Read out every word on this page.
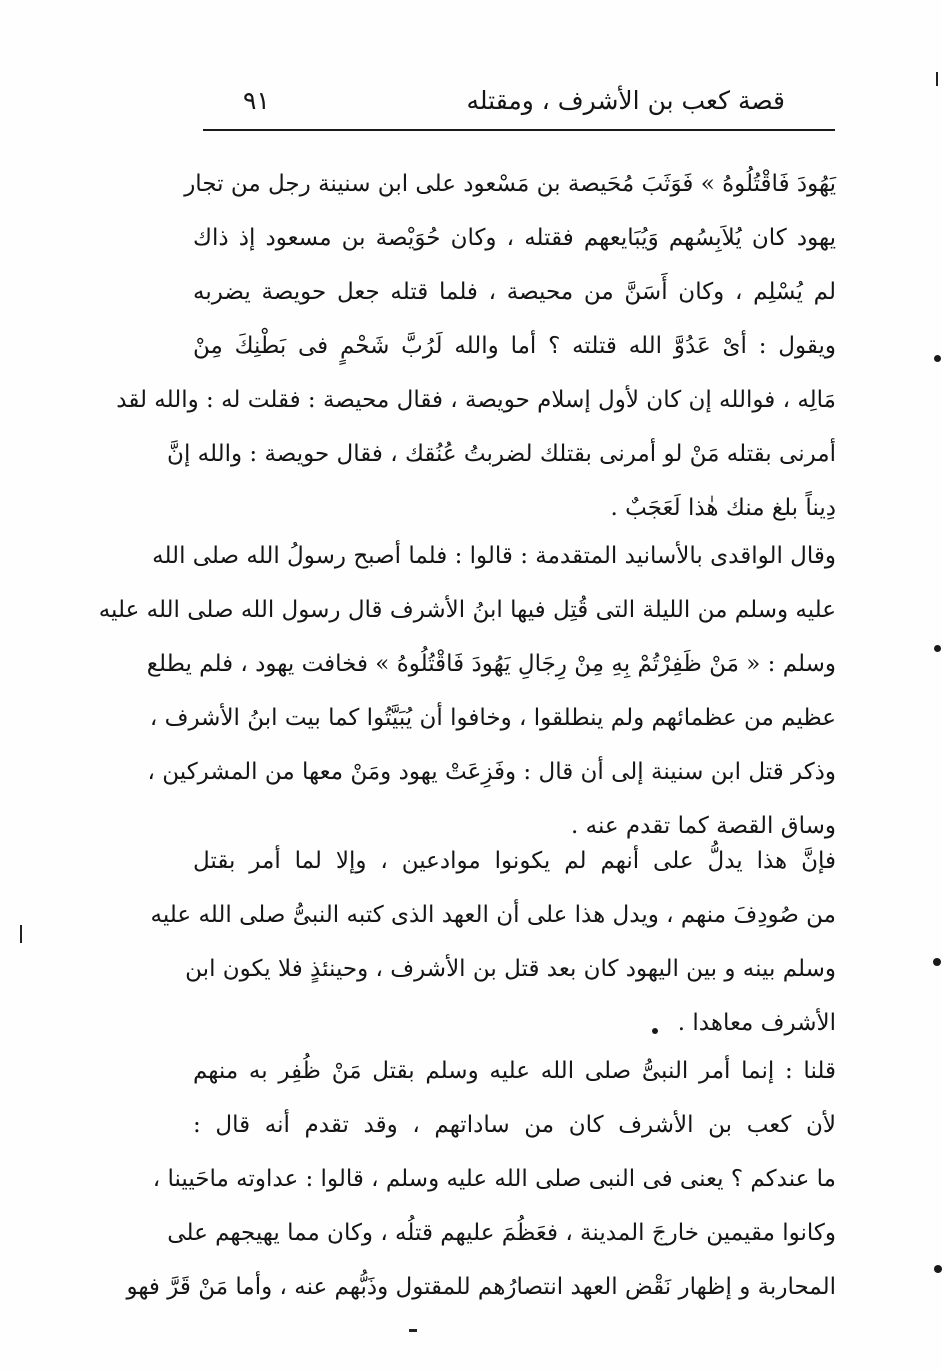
قصة كعب بن الأشرف ، ومقتله
٩١
يَهُودَ فَاقْتُلُوهُ » فَوَثَبَ مُحَيصة بن مَسْعود على ابن سنينة رجل من تجار
يهود كان يُلاَبِسُهم وَيُبَايعهم فقتله ، وكان حُوَيْصة بن مسعود إذ ذاك
لم يُسْلِم ، وكان أَسَنَّ من محيصة ، فلما قتله جعل حويصة يضربه
ويقول : أىْ عَدُوَّ الله قتلته ؟ أما والله لَرُبَّ شَحْمٍ فى بَطْنِكَ مِنْ
مَالِه ، فوالله إن كان لأول إسلام حويصة ، فقال محيصة : فقلت له : والله لقد
أمرنى بقتله مَنْ لو أمرنى بقتلك لضربتُ عُنُقك ، فقال حويصة : والله إنَّ
دِيناً بلغ منك هٰذا لَعَجَبٌ .
وقال الواقدى بالأسانيد المتقدمة : قالوا : فلما أصبح رسولُ الله صلى الله
عليه وسلم من الليلة التى قُتِل فيها ابنُ الأشرف قال رسول الله صلى الله عليه
وسلم : « مَنْ ظَفِرْتُمْ بِهِ مِنْ رِجَالِ يَهُودَ فَاقْتُلُوهُ » فخافت يهود ، فلم يطلع
عظيم من عظمائهم ولم ينطلقوا ، وخافوا أن يُبَيَّتُوا كما بيت ابنُ الأشرف ،
وذكر قتل ابن سنينة إلى أن قال : وفَزِعَتْ يهود ومَنْ معها من المشركين ،
وساق القصة كما تقدم عنه .
فإنَّ هذا يدلُّ على أنهم لم يكونوا موادعين ، وإلا لما أمر بقتل
من صُودِفَ منهم ، ويدل هذا على أن العهد الذى كتبه النبىُّ صلى الله عليه
وسلم بينه و بين اليهود كان بعد قتل بن الأشرف ، وحينئذٍ فلا يكون ابن
الأشرف معاهدا .
قلنا : إنما أمر النبىُّ صلى الله عليه وسلم بقتل مَنْ ظُفِر به منهم
لأن كعب بن الأشرف كان من ساداتهم ، وقد تقدم أنه قال :
ما عندكم ؟ يعنى فى النبى صلى الله عليه وسلم ، قالوا : عداوته ماحَيينا ،
وكانوا مقيمين خارجَ المدينة ، فعَظُمَ عليهم قتلُه ، وكان مما يهيجهم على
المحاربة و إظهار نَقْض العهد انتصارُهم للمقتول وذَبُّهم عنه ، وأما مَنْ قَرَّ فهو
